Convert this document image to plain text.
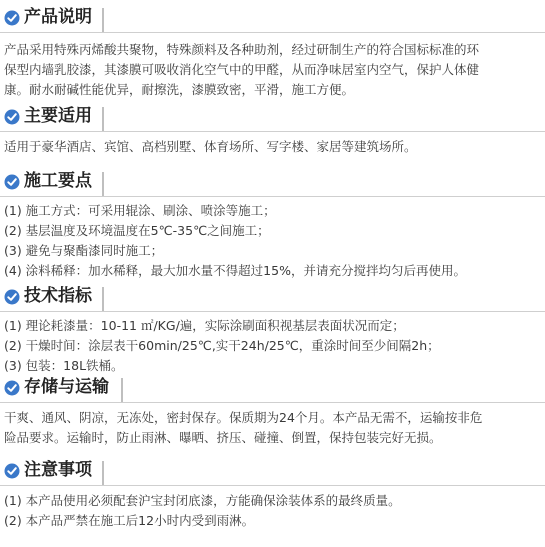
产品说明
产品采用特殊丙烯酸共聚物，特殊颜料及各种助剂，经过研制生产的符合国标标准的环
保型内墙乳胶漆，其漆膜可吸收消化空气中的甲醛，从而净味居室内空气，保护人体健
康。耐水耐碱性能优异，耐擦洗，漆膜致密，平滑，施工方便。
主要适用
适用于豪华酒店、宾馆、高档别墅、体育场所、写字楼、家居等建筑场所。
施工要点
(1) 施工方式：可采用辊涂、刷涂、喷涂等施工；
(2) 基层温度及环境温度在5℃-35℃之间施工；
(3) 避免与聚酯漆同时施工；
(4) 涂料稀释：加水稀释，最大加水量不得超过15%，并请充分搅拌均匀后再使用。
技术指标
(1) 理论耗漆量：10-11 ㎡/KG/遍，实际涂刷面积视基层表面状况而定；
(2) 干燥时间：涂层表干60min/25℃,实干24h/25℃，重涂时间至少间隔2h；
(3) 包装：18L铁桶。
存储与运输
干爽、通风、阴凉，无冻处，密封保存。保质期为24个月。本产品无需不，运输按非危
险品要求。运输时，防止雨淋、曝晒、挤压、碰撞、倒置，保持包装完好无损。
注意事项
(1) 本产品使用必须配套沪宝封闭底漆，方能确保涂装体系的最终质量。
(2) 本产品严禁在施工后12小时内受到雨淋。
